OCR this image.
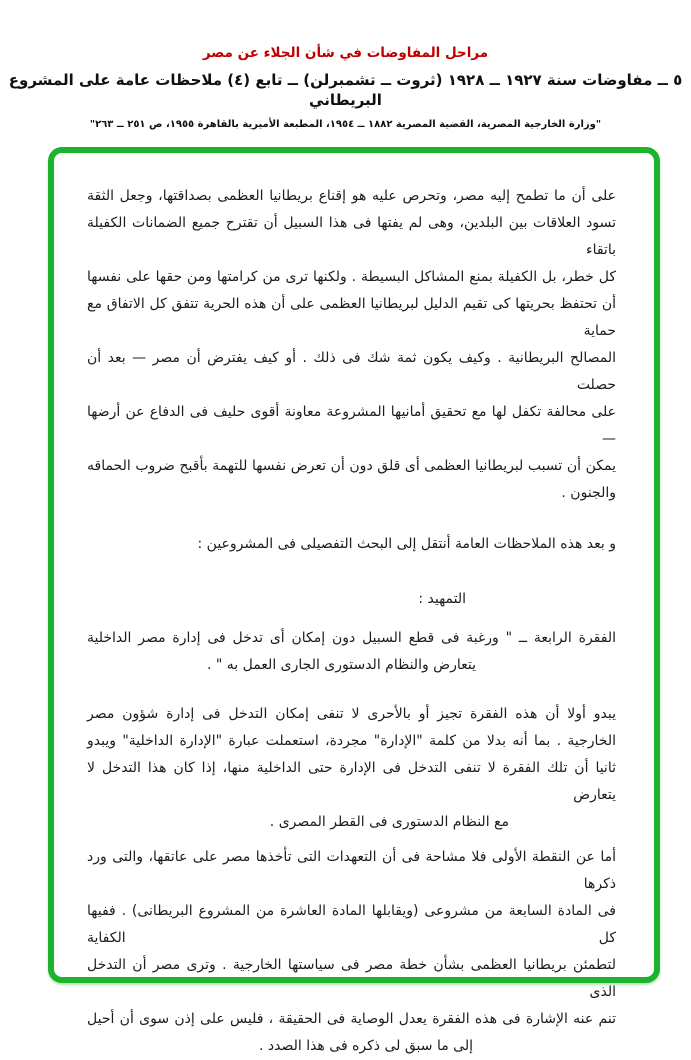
مراحل المفاوضات في شأن الجلاء عن مصر
٥ ــ مفاوضات سنة ١٩٢٧ ــ ١٩٢٨ (ثروت ــ تشمبرلن) ــ تابع (٤) ملاحظات عامة على المشروع البريطاني
"وزارة الخارجية المصرية، القضية المصرية ١٨٨٢ ــ ١٩٥٤، المطبعة الأميرية بالقاهرة ١٩٥٥، ص ٢٥١ ــ ٢٦٣"

على أن ما تطمح إليه مصر، وتحرص عليه هو إقناع بريطانيا العظمى بصداقتها، وجعل الثقة
تسود العلاقات بين البلدين، وهى لم يفتها فى هذا السبيل أن تقترح جميع الضمانات الكفيلة باتقاء
كل خطر، بل الكفيلة بمنع المشاكل البسيطة . ولكنها ترى من كرامتها ومن حقها على نفسها
أن تحتفظ بحريتها كى تقيم الدليل لبريطانيا العظمى على أن هذه الحرية تتفق كل الاتفاق مع حماية
المصالح البريطانية . وكيف يكون ثمة شك فى ذلك . أو كيف يفترض أن مصر — بعد أن حصلت
على محالفة تكفل لها مع تحقيق أمانيها المشروعة معاونة أقوى حليف فى الدفاع عن أرضها —
يمكن أن تسبب لبريطانيا العظمى أى قلق دون أن تعرض نفسها للتهمة بأقبح ضروب الحماقه
والجنون .

و بعد هذه الملاحظات العامة أنتقل إلى البحث التفصيلى فى المشروعين :

التمهيد :

الفقرة الرابعة ــ " ورغبة فى قطع السبيل دون إمكان أى تدخل فى إدارة مصر الداخلية
يتعارض والنظام الدستورى الجارى العمل به " .

يبدو أولا أن هذه الفقرة تجيز أو بالأحرى لا تنفى إمكان التدخل فى إدارة شؤون مصر
الخارجية . بما أنه بدلا من كلمة "الإدارة" مجردة، استعملت عبارة "الإدارة الداخلية" ويبدو
ثانيا أن تلك الفقرة لا تنفى التدخل فى الإدارة حتى الداخلية منها، إذا كان هذا التدخل لا يتعارض
مع النظام الدستورى فى القطر المصرى .

أما عن النقطة الأولى فلا مشاحة فى أن التعهدات التى تأخذها مصر على عاتقها، والتى ورد ذكرها
فى المادة السابعة من مشروعى (ويقابلها المادة العاشرة من المشروع البريطانى) . ففيها كل الكفاية
لتطمئن بريطانيا العظمى بشأن خطة مصر فى سياستها الخارجية . وترى مصر أن التدخل الذى
تنم عنه الإشارة فى هذه الفقرة يعدل الوصاية فى الحقيقة ، فليس على إذن سوى أن أحيل
إلى ما سبق لى ذكره فى هذا الصدد .
